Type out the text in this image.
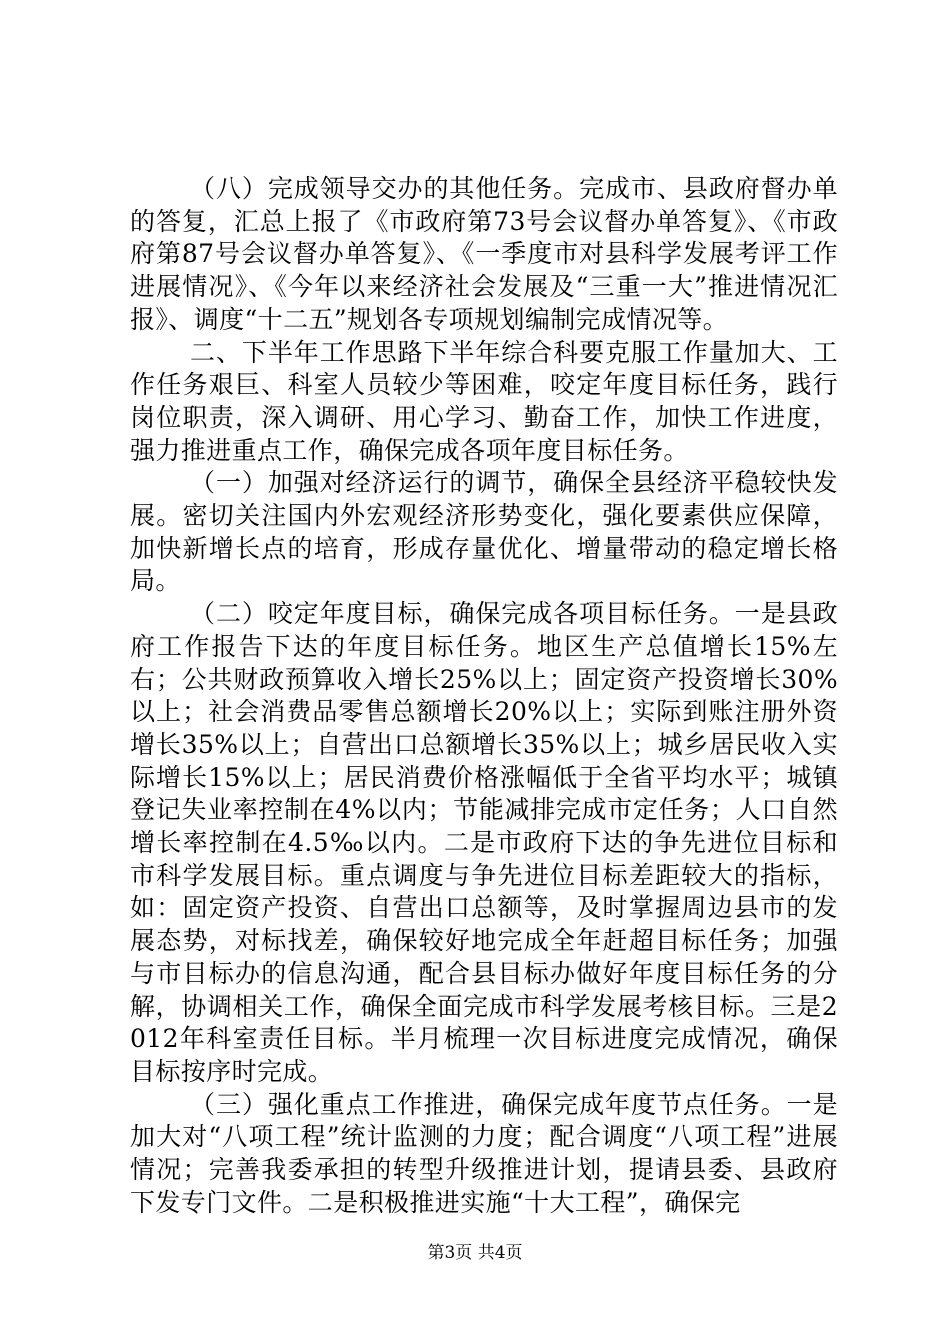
（八）完成领导交办的其他任务。完成市、县政府督办单的答复，汇总上报了《市政府第73号会议督办单答复》、《市政府第87号会议督办单答复》、《一季度市对县科学发展考评工作进展情况》、《今年以来经济社会发展及“三重一大”推进情况汇报》、调度“十二五”规划各专项规划编制完成情况等。

二、下半年工作思路下半年综合科要克服工作量加大、工作任务艰巨、科室人员较少等困难，咬定年度目标任务，践行岗位职责，深入调研、用心学习、勤奋工作，加快工作进度，强力推进重点工作，确保完成各项年度目标任务。

（一）加强对经济运行的调节，确保全县经济平稳较快发展。密切关注国内外宏观经济形势变化，强化要素供应保障，加快新增长点的培育，形成存量优化、增量带动的稳定增长格局。

（二）咬定年度目标，确保完成各项目标任务。一是县政府工作报告下达的年度目标任务。地区生产总值增长15%左右；公共财政预算收入增长25%以上；固定资产投资增长30%以上；社会消费品零售总额增长20%以上；实际到账注册外资增长35%以上；自营出口总额增长35%以上；城乡居民收入实际增长15%以上；居民消费价格涨幅低于全省平均水平；城镇登记失业率控制在4%以内；节能减排完成市定任务；人口自然增长率控制在4.5‰以内。二是市政府下达的争先进位目标和市科学发展目标。重点调度与争先进位目标差距较大的指标，如：固定资产投资、自营出口总额等，及时掌握周边县市的发展态势，对标找差，确保较好地完成全年赶超目标任务；加强与市目标办的信息沟通，配合县目标办做好年度目标任务的分解，协调相关工作，确保全面完成市科学发展考核目标。三是2012年科室责任目标。半月梳理一次目标进度完成情况，确保目标按序时完成。

（三）强化重点工作推进，确保完成年度节点任务。一是加大对“八项工程”统计监测的力度；配合调度“八项工程”进展情况；完善我委承担的转型升级推进计划，提请县委、县政府下发专门文件。二是积极推进实施“十大工程”，确保完

第3页 共4页
